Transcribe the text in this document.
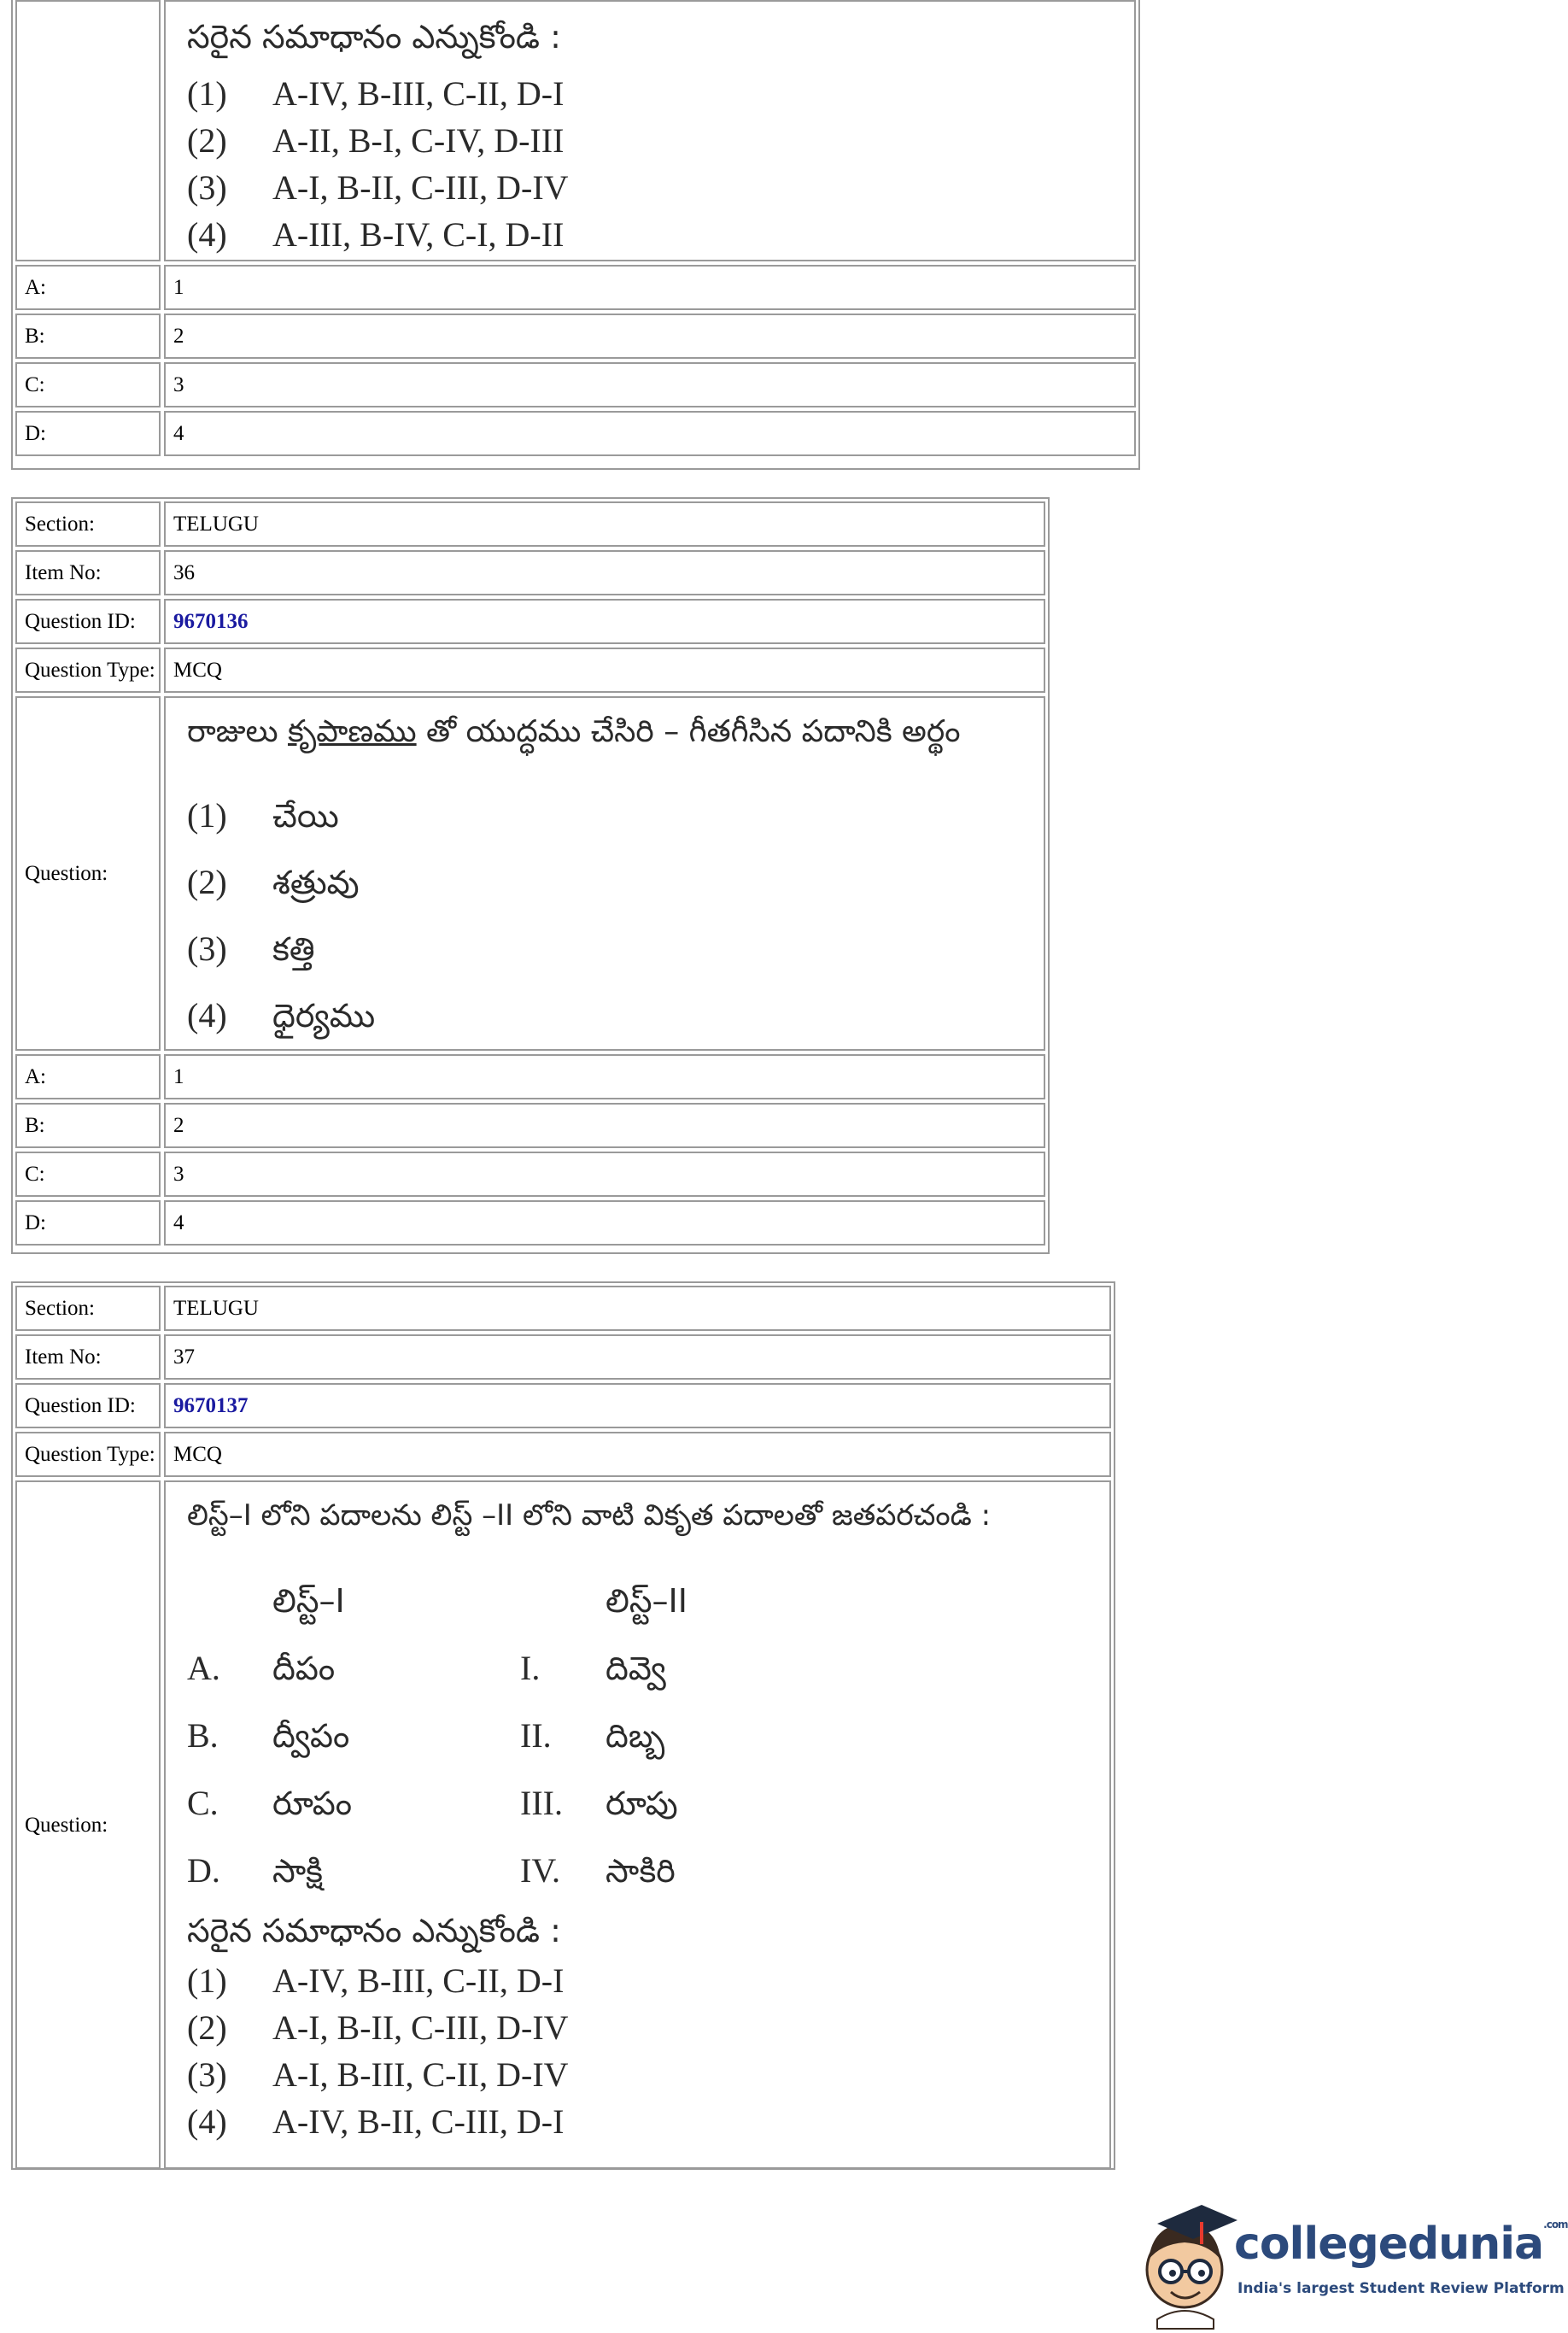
సరైన సమాధానం ఎన్నుకోండి :
(1)	A-IV, B-III, C-II, D-I
(2)	A-II, B-I, C-IV, D-III
(3)	A-I, B-II, C-III, D-IV
(4)	A-III, B-IV, C-I, D-II
A:	1
B:	2
C:	3
D:	4
Section:	TELUGU
Item No:	36
Question ID:	9670136
Question Type: MCQ
Question:
రాజులు కృపాణము తో యుద్ధము చేసిరి – గీతగీసిన పదానికి అర్థం
(1)	చేయి
(2)	శత్రువు
(3)	కత్తి
(4)	ధైర్యము
A:	1
B:	2
C:	3
D:	4
Section:	TELUGU
Item No:	37
Question ID:	9670137
Question Type: MCQ
Question:
లిస్ట్–I లోని పదాలను లిస్ట్ –II లోని వాటి వికృత పదాలతో జతపరచండి :
లిస్ట్–I	లిస్ట్–II
A.	దీపం	I.	దివ్వె
B.	ద్వీపం	II.	దిబ్బ
C.	రూపం	III.	రూపు
D.	సాక్షి	IV.	సాకిరి
సరైన సమాధానం ఎన్నుకోండి :
(1)	A-IV, B-III, C-II, D-I
(2)	A-I, B-II, C-III, D-IV
(3)	A-I, B-III, C-II, D-IV
(4)	A-IV, B-II, C-III, D-I
collegedunia$^{.com}$
India's largest Student Review Platform
